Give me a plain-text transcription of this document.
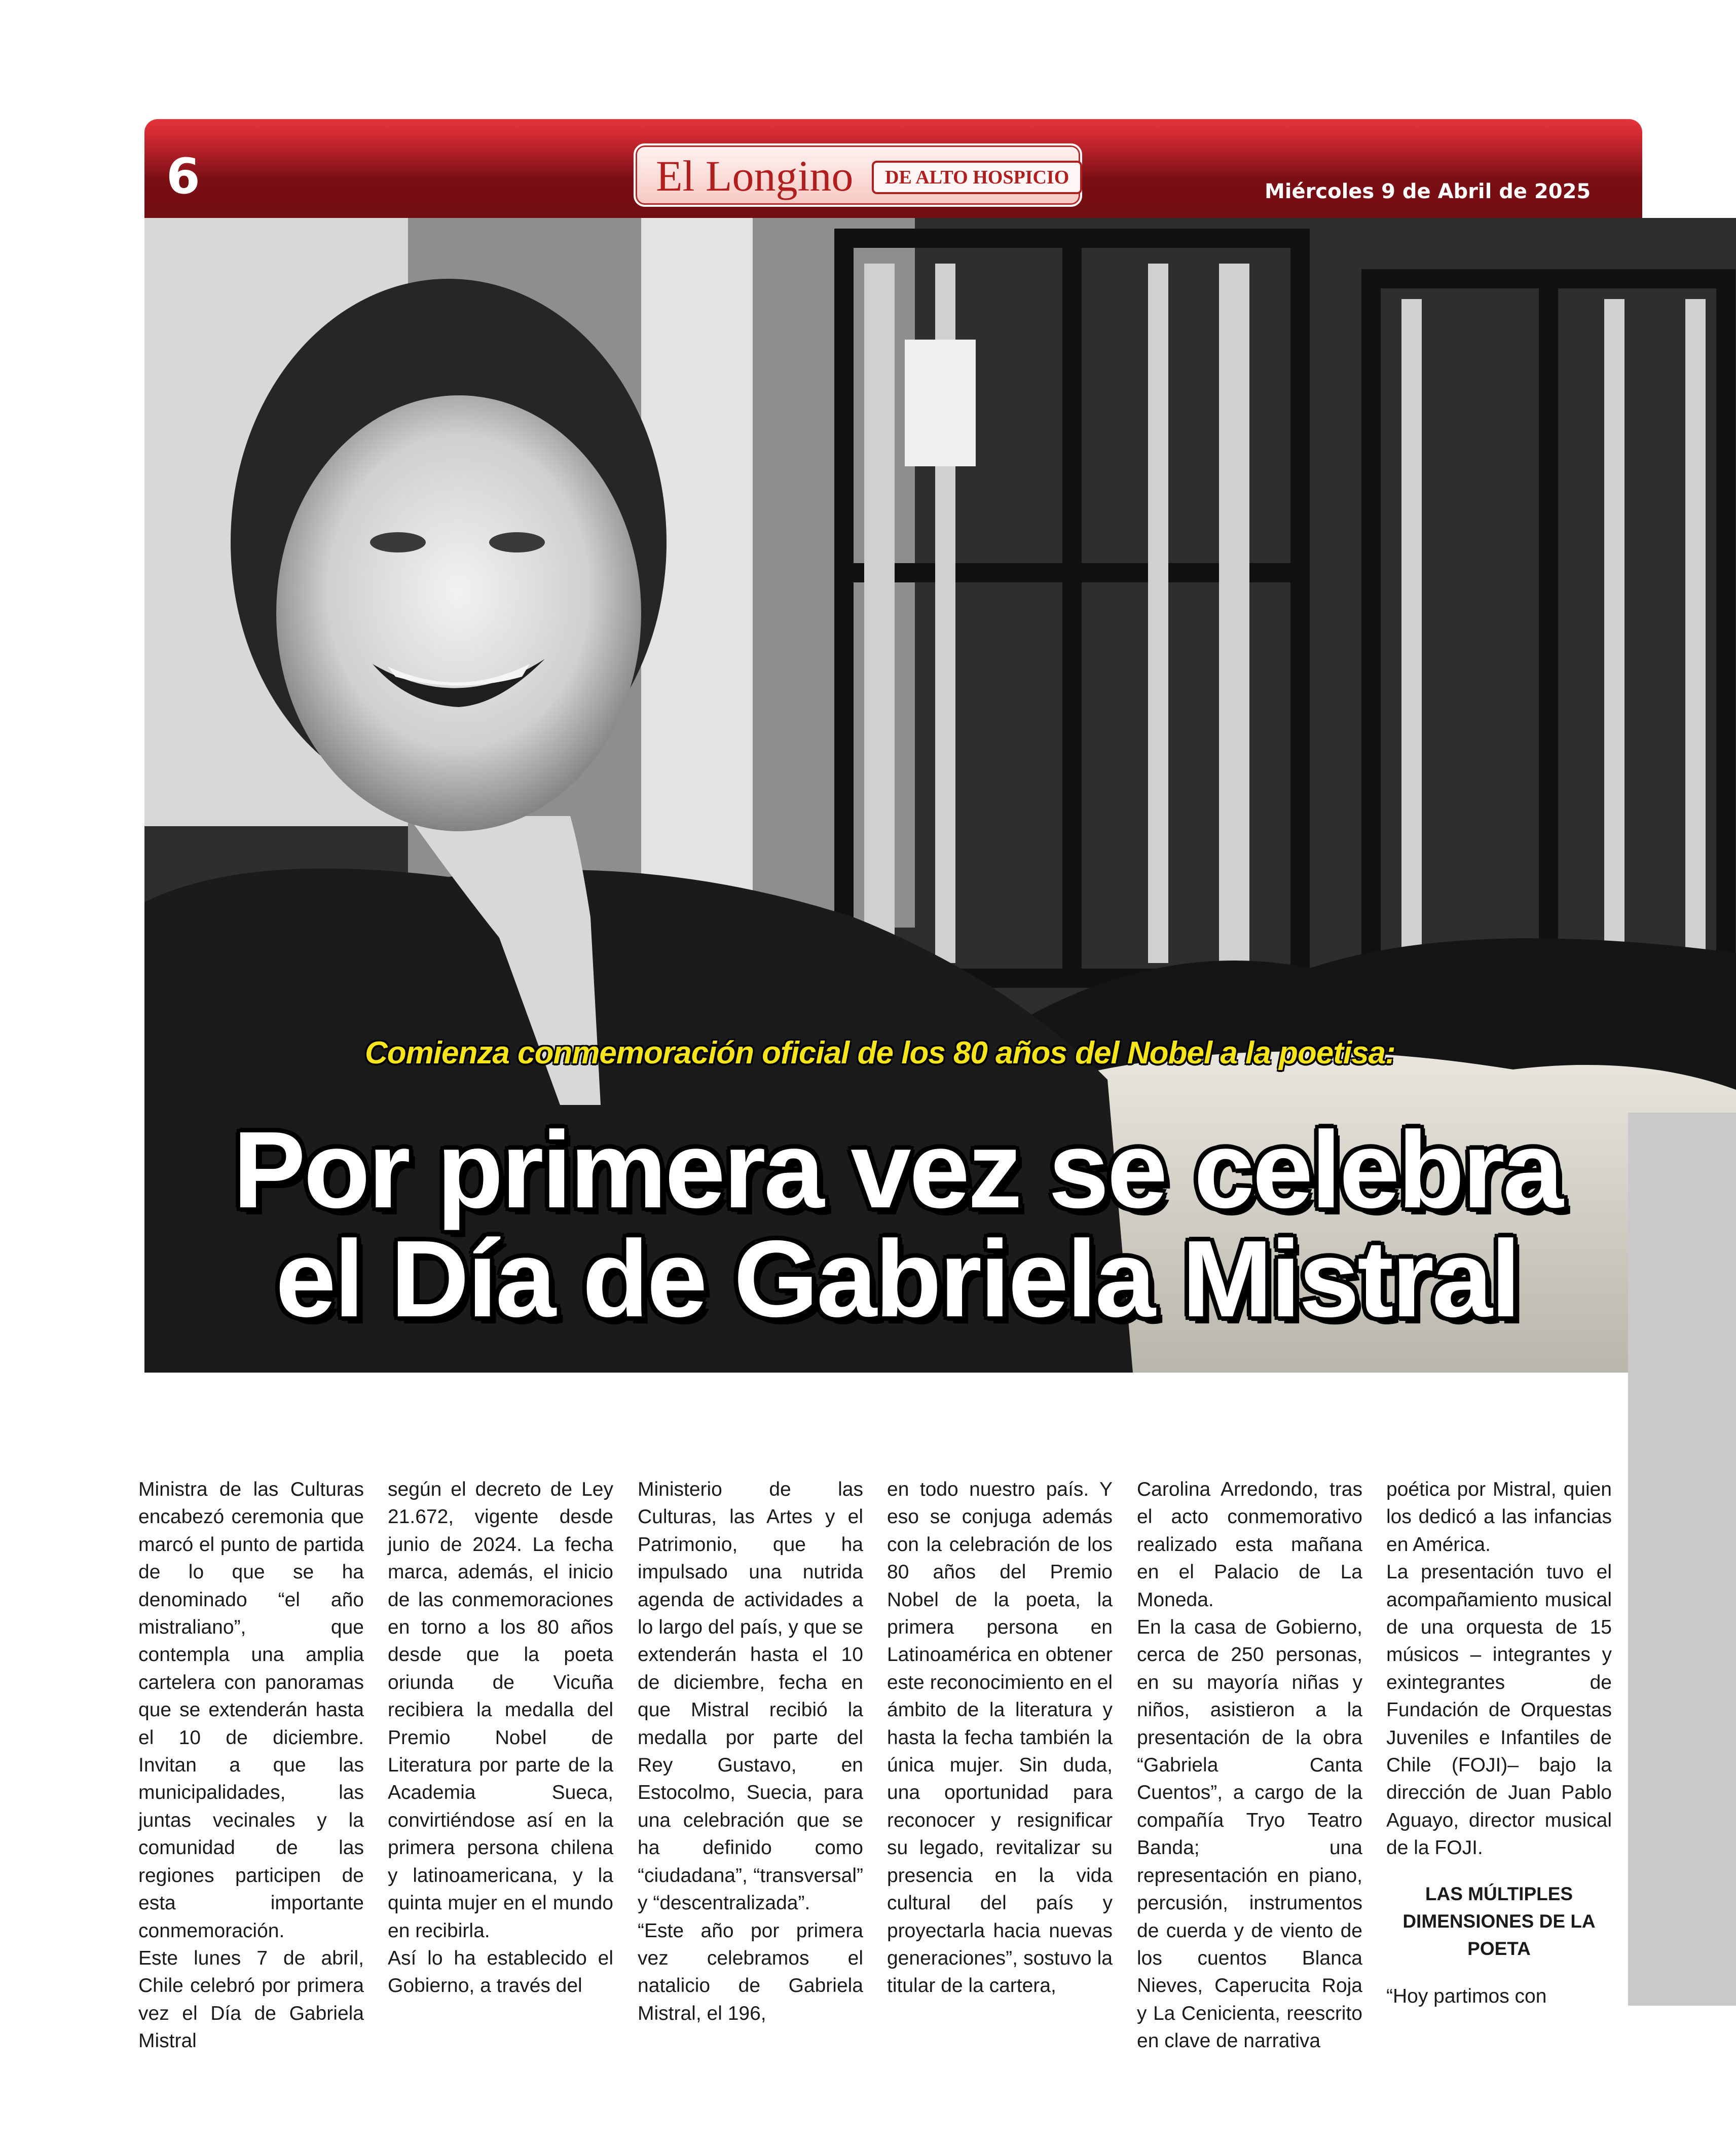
6	El Longino	DE ALTO HOSPICIO
Miércoles 9 de Abril de 2025
Comienza conmemoración oficial de los 80 años del Nobel a la poetisa:
Por primera vez se celebra
el Día de Gabriela Mistral

Ministra de las Culturas encabezó ceremonia que marcó el punto de partida de lo que se ha denominado “el año mistraliano”, que contempla una amplia cartelera con panoramas que se extenderán hasta el 10 de diciembre. Invitan a que las municipalidades, las juntas vecinales y la comunidad de las regiones participen de esta importante conmemoración.

Este lunes 7 de abril, Chile celebró por primera vez el Día de Gabriela Mistral

según el decreto de Ley 21.672, vigente desde junio de 2024. La fecha marca, además, el inicio de las conmemoraciones en torno a los 80 años desde que la poeta oriunda de Vicuña recibiera la medalla del Premio Nobel de Literatura por parte de la Academia Sueca, convirtiéndose así en la primera persona chilena y latinoamericana, y la quinta mujer en el mundo en recibirla.

Así lo ha establecido el Gobierno, a través del

Ministerio de las Culturas, las Artes y el Patrimonio, que ha impulsado una nutrida agenda de actividades a lo largo del país, y que se extenderán hasta el 10 de diciembre, fecha en que Mistral recibió la medalla por parte del Rey Gustavo, en Estocolmo, Suecia, para una celebración que se ha definido como “ciudadana”, “transversal” y “descentralizada”.

“Este año por primera vez celebramos el natalicio de Gabriela Mistral, el 196,

en todo nuestro país. Y eso se conjuga además con la celebración de los 80 años del Premio Nobel de la poeta, la primera persona en Latinoamérica en obtener este reconocimiento en el ámbito de la literatura y hasta la fecha también la única mujer. Sin duda, una oportunidad para reconocer y resignificar su legado, revitalizar su presencia en la vida cultural del país y proyectarla hacia nuevas generaciones”, sostuvo la titular de la cartera,

Carolina Arredondo, tras el acto conmemorativo realizado esta mañana en el Palacio de La Moneda.

En la casa de Gobierno, cerca de 250 personas, en su mayoría niñas y niños, asistieron a la presentación de la obra “Gabriela Canta Cuentos”, a cargo de la compañía Tryo Teatro Banda; una representación en piano, percusión, instrumentos de cuerda y de viento de los cuentos Blanca Nieves, Caperucita Roja y La Cenicienta, reescrito en clave de narrativa

poética por Mistral, quien los dedicó a las infancias en América.

La presentación tuvo el acompañamiento musical de una orquesta de 15 músicos – integrantes y exintegrantes de Fundación de Orquestas Juveniles e Infantiles de Chile (FOJI)– bajo la dirección de Juan Pablo Aguayo, director musical de la FOJI.

LAS MÚLTIPLES DIMENSIONES DE LA POETA

“Hoy partimos con
